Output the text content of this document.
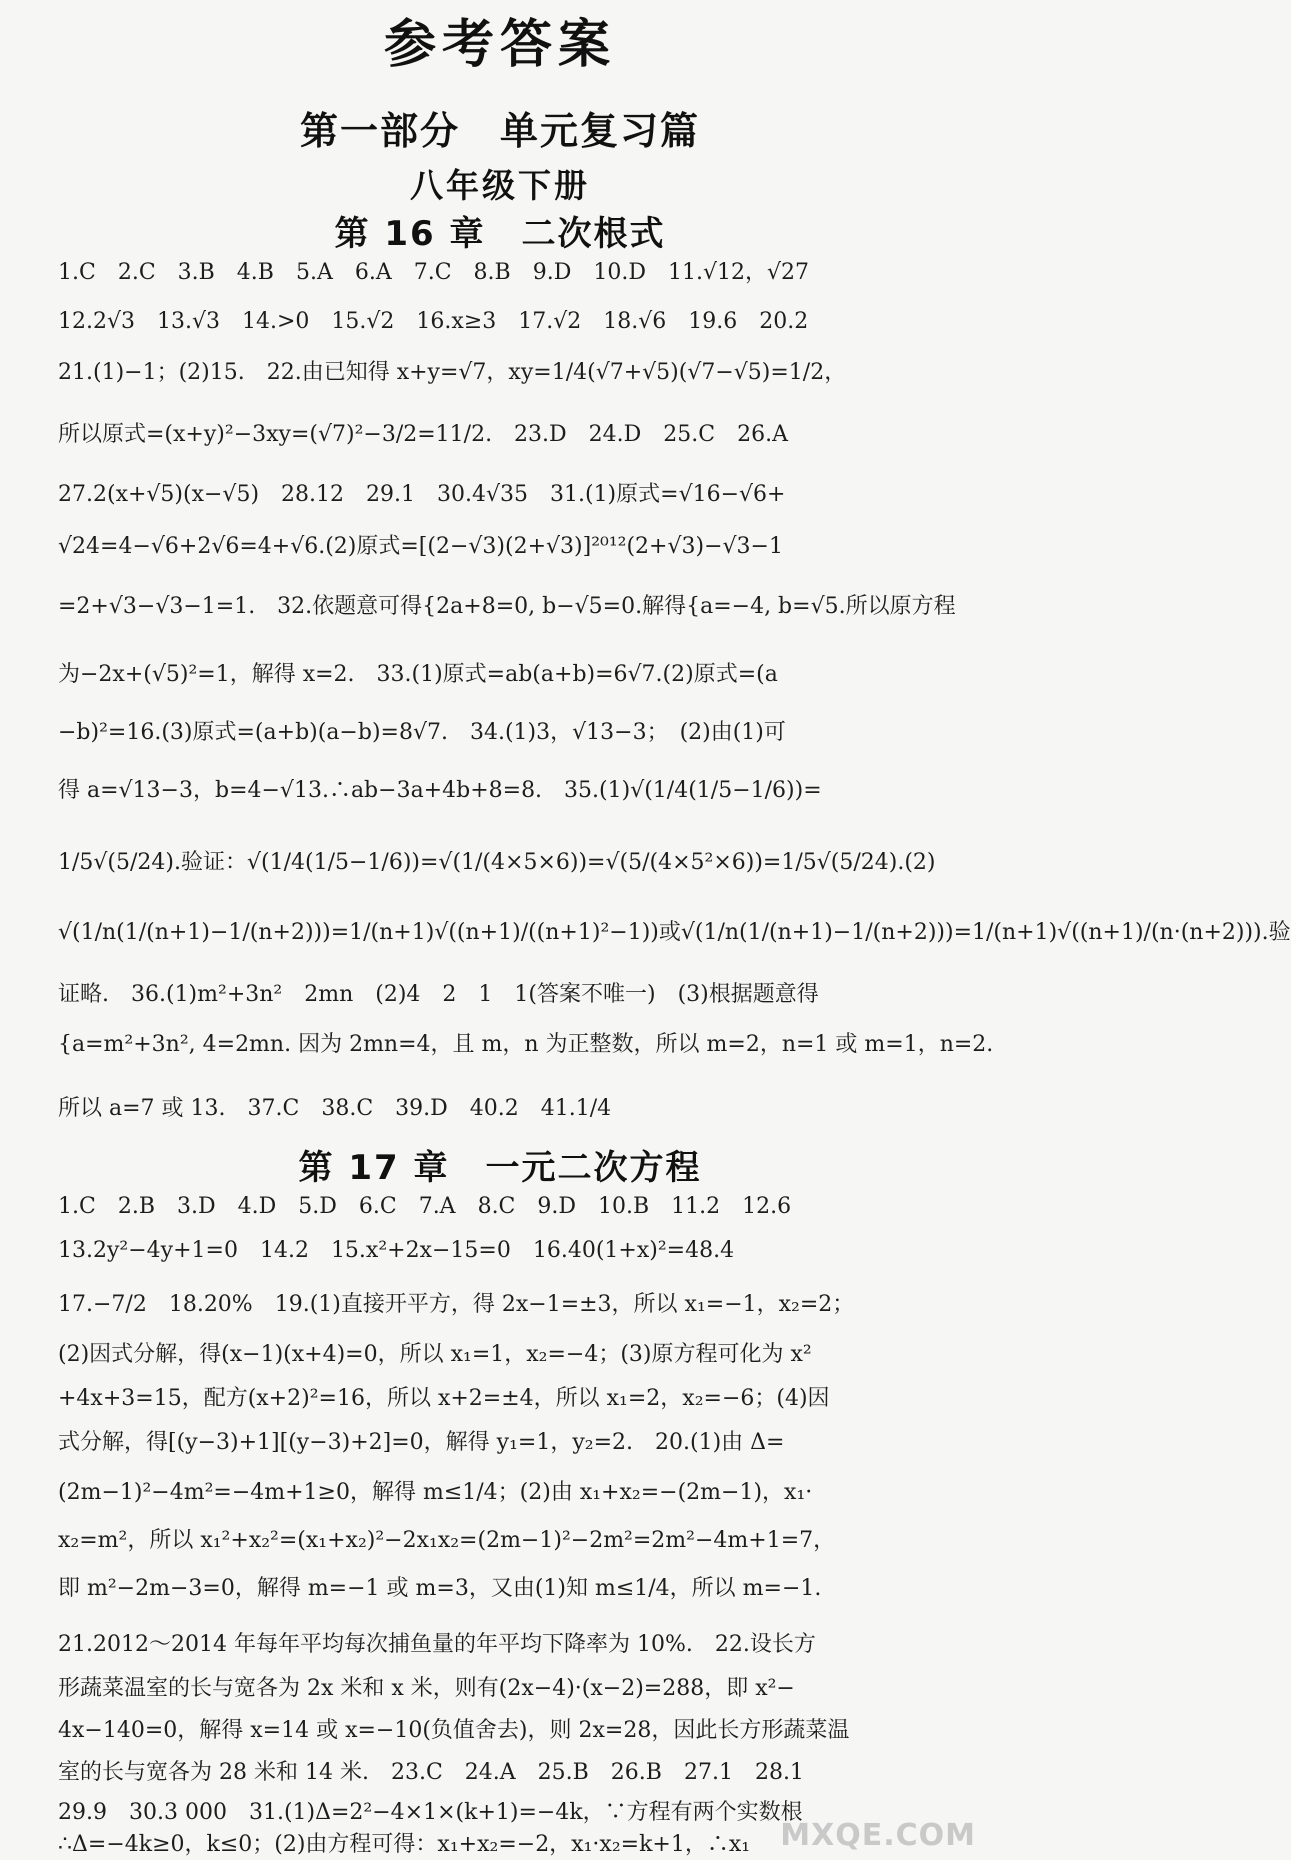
参考答案
第一部分　单元复习篇
八年级下册
第 16 章　二次根式
1.C　2.C　3.B　4.B　5.A　6.A　7.C　8.B　9.D　10.D　11.√12，√27
12.2√3　13.√3　14.>0　15.√2　16.x≥3　17.√2　18.√6　19.6　20.2
21.(1)−1；(2)15.　22.由已知得 x+y=√7，xy=1/4(√7+√5)(√7−√5)=1/2，
所以原式=(x+y)²−3xy=(√7)²−3/2=11/2.　23.D　24.D　25.C　26.A
27.2(x+√5)(x−√5)　28.12　29.1　30.4√35　31.(1)原式=√16−√6+
√24=4−√6+2√6=4+√6.(2)原式=[(2−√3)(2+√3)]²⁰¹²(2+√3)−√3−1
=2+√3−√3−1=1.　32.依题意可得{2a+8=0, b−√5=0.解得{a=−4, b=√5.所以原方程
为−2x+(√5)²=1，解得 x=2.　33.(1)原式=ab(a+b)=6√7.(2)原式=(a
−b)²=16.(3)原式=(a+b)(a−b)=8√7.　34.(1)3，√13−3；　(2)由(1)可
得 a=√13−3，b=4−√13.∴ab−3a+4b+8=8.　35.(1)√(1/4(1/5−1/6))=
1/5√(5/24).验证：√(1/4(1/5−1/6))=√(1/(4×5×6))=√(5/(4×5²×6))=1/5√(5/24).(2)
√(1/n(1/(n+1)−1/(n+2)))=1/(n+1)√((n+1)/((n+1)²−1))或√(1/n(1/(n+1)−1/(n+2)))=1/(n+1)√((n+1)/(n·(n+2))).验
证略.　36.(1)m²+3n²　2mn　(2)4　2　1　1(答案不唯一)　(3)根据题意得
{a=m²+3n², 4=2mn. 因为 2mn=4，且 m，n 为正整数，所以 m=2，n=1 或 m=1，n=2.
所以 a=7 或 13.　37.C　38.C　39.D　40.2　41.1/4
第 17 章　一元二次方程
1.C　2.B　3.D　4.D　5.D　6.C　7.A　8.C　9.D　10.B　11.2　12.6
13.2y²−4y+1=0　14.2　15.x²+2x−15=0　16.40(1+x)²=48.4
17.−7/2　18.20%　19.(1)直接开平方，得 2x−1=±3，所以 x₁=−1，x₂=2；
(2)因式分解，得(x−1)(x+4)=0，所以 x₁=1，x₂=−4；(3)原方程可化为 x²
+4x+3=15，配方(x+2)²=16，所以 x+2=±4，所以 x₁=2，x₂=−6；(4)因
式分解，得[(y−3)+1][(y−3)+2]=0，解得 y₁=1，y₂=2.　20.(1)由 Δ=
(2m−1)²−4m²=−4m+1≥0，解得 m≤1/4；(2)由 x₁+x₂=−(2m−1)，x₁·
x₂=m²，所以 x₁²+x₂²=(x₁+x₂)²−2x₁x₂=(2m−1)²−2m²=2m²−4m+1=7，
即 m²−2m−3=0，解得 m=−1 或 m=3，又由(1)知 m≤1/4，所以 m=−1.
21.2012～2014 年每年平均每次捕鱼量的年平均下降率为 10%.　22.设长方
形蔬菜温室的长与宽各为 2x 米和 x 米，则有(2x−4)·(x−2)=288，即 x²−
4x−140=0，解得 x=14 或 x=−10(负值舍去)，则 2x=28，因此长方形蔬菜温
室的长与宽各为 28 米和 14 米.　23.C　24.A　25.B　26.B　27.1　28.1
29.9　30.3 000　31.(1)Δ=2²−4×1×(k+1)=−4k，∵方程有两个实数根
∴Δ=−4k≥0，k≤0；(2)由方程可得：x₁+x₂=−2，x₁·x₂=k+1，∴x₁	MXQE.COM
